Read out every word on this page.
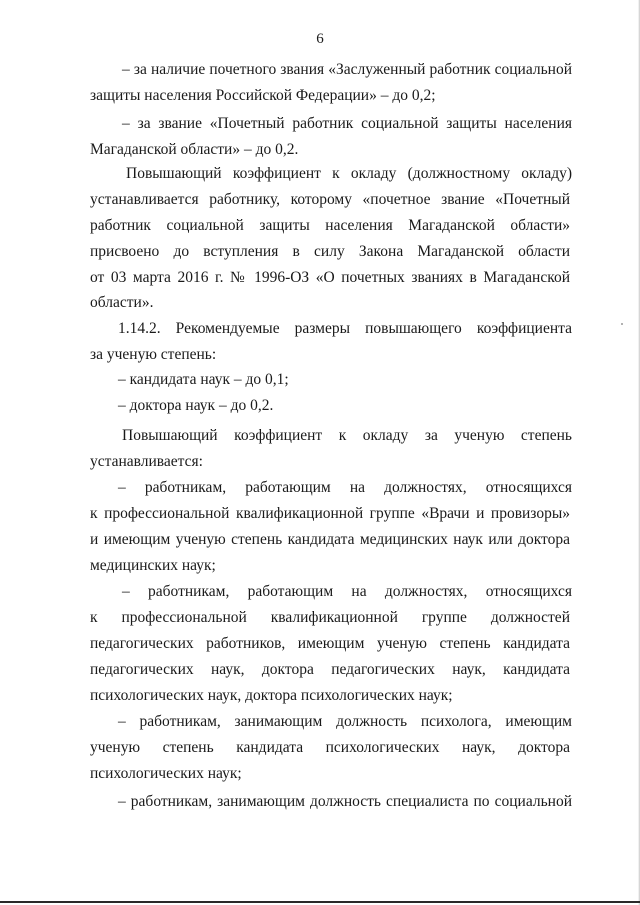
6
– за наличие почетного звания «Заслуженный работник социальной
защиты населения Российской Федерации» – до 0,2;
– за звание «Почетный работник социальной защиты населения
Магаданской области» – до 0,2.
Повышающий коэффициент к окладу (должностному окладу)
устанавливается работнику, которому «почетное звание «Почетный
работник социальной защиты населения Магаданской области»
присвоено до вступления в силу Закона Магаданской области
от 03 марта 2016 г. № 1996-ОЗ «О почетных званиях в Магаданской
области».
1.14.2. Рекомендуемые размеры повышающего коэффициента
за ученую степень:
– кандидата наук – до 0,1;
– доктора наук – до 0,2.
Повышающий коэффициент к окладу за ученую степень
устанавливается:
– работникам, работающим на должностях, относящихся
к профессиональной квалификационной группе «Врачи и провизоры»
и имеющим ученую степень кандидата медицинских наук или доктора
медицинских наук;
– работникам, работающим на должностях, относящихся
к профессиональной квалификационной группе должностей
педагогических работников, имеющим ученую степень кандидата
педагогических наук, доктора педагогических наук, кандидата
психологических наук, доктора психологических наук;
– работникам, занимающим должность психолога, имеющим
ученую степень кандидата психологических наук, доктора
психологических наук;
– работникам, занимающим должность специалиста по социальной
